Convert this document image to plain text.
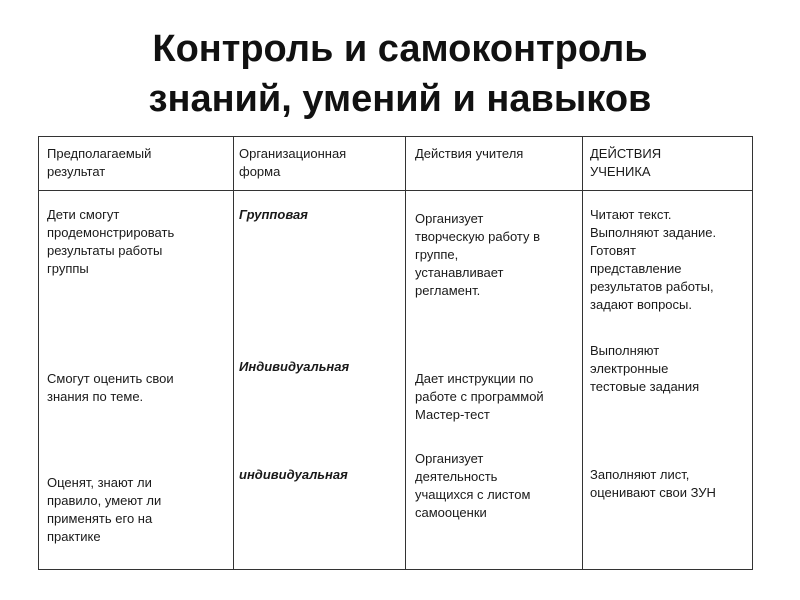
Контроль и самоконтроль
знаний, умений и навыков
Предполагаемый
результат
Организационная
форма
Действия учителя	ДЕЙСТВИЯ
УЧЕНИКА
Дети смогут
продемонстрировать
результаты работы
группы
Групповая	Организует
творческую работу в
группе,
устанавливает
регламент.
Читают текст.
Выполняют задание.
Готовят
представление
результатов работы,
задают вопросы.
Смогут оценить свои
знания по теме.
Индивидуальная
Дает инструкции по
работе с программой
Мастер-тест
Выполняют
электронные
тестовые задания
Оценят, знают ли
правило, умеют ли
применять его на
практике
индивидуальная
Организует
деятельность
учащихся с листом
самооценки
Заполняют лист,
оценивают свои ЗУН
